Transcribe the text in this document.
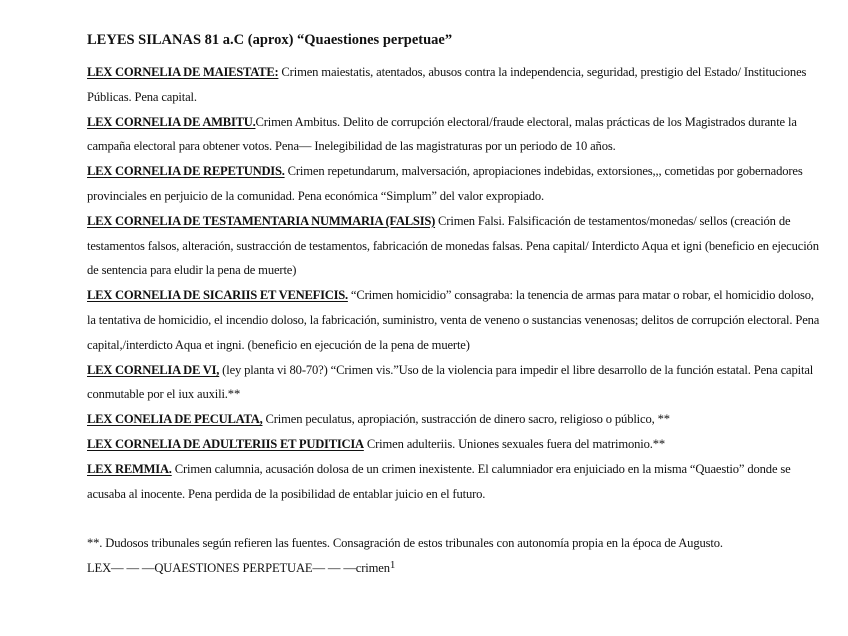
LEYES SILANAS 81 a.C (aprox) “Quaestiones perpetuae”

LEX CORNELIA DE MAIESTATE: Crimen maiestatis, atentados, abusos contra la independencia, seguridad, prestigio del Estado/ Instituciones Públicas. Pena capital.

LEX CORNELIA DE AMBITU.Crimen Ambitus. Delito de corrupción electoral/fraude electoral, malas prácticas de los Magistrados durante la campaña electoral para obtener votos. Pena— Inelegibilidad de las magistraturas por un periodo de 10 años.

LEX CORNELIA DE REPETUNDIS. Crimen repetundarum, malversación, apropiaciones indebidas, extorsiones,,, cometidas por gobernadores provinciales en perjuicio de la comunidad. Pena económica “Simplum” del valor expropiado.

LEX CORNELIA DE TESTAMENTARIA NUMMARIA (FALSIS) Crimen Falsi. Falsificación de testamentos/monedas/ sellos (creación de testamentos falsos, alteración, sustracción de testamentos, fabricación de monedas falsas. Pena capital/ Interdicto Aqua et igni (beneficio en ejecución de sentencia para eludir la pena de muerte)

LEX CORNELIA DE SICARIIS ET VENEFICIS. “Crimen homicidio” consagraba: la tenencia de armas para matar o robar, el homicidio doloso, la tentativa de homicidio, el incendio doloso, la fabricación, suministro, venta de veneno o sustancias venenosas; delitos de corrupción electoral. Pena capital,/interdicto Aqua et ingni. (beneficio en ejecución de la pena de muerte)

LEX CORNELIA DE VI, (ley planta vi 80-70?) “Crimen vis.”Uso de la violencia para impedir el libre desarrollo de la función estatal. Pena capital conmutable por el iux auxili.**

LEX CONELIA DE PECULATA, Crimen peculatus, apropiación, sustracción de dinero sacro, religioso o público, **

LEX CORNELIA DE ADULTERIIS ET PUDITICIA Crimen adulteriis. Uniones sexuales fuera del matrimonio.**

LEX REMMIA. Crimen calumnia, acusación dolosa de un crimen inexistente. El calumniador era enjuiciado en la misma “Quaestio” donde se acusaba al inocente. Pena perdida de la posibilidad de entablar juicio en el futuro.

**. Dudosos tribunales según refieren las fuentes. Consagración de estos tribunales con autonomía propia en la época de Augusto.

LEX— — —QUAESTIONES PERPETUAE— — —crimen1
